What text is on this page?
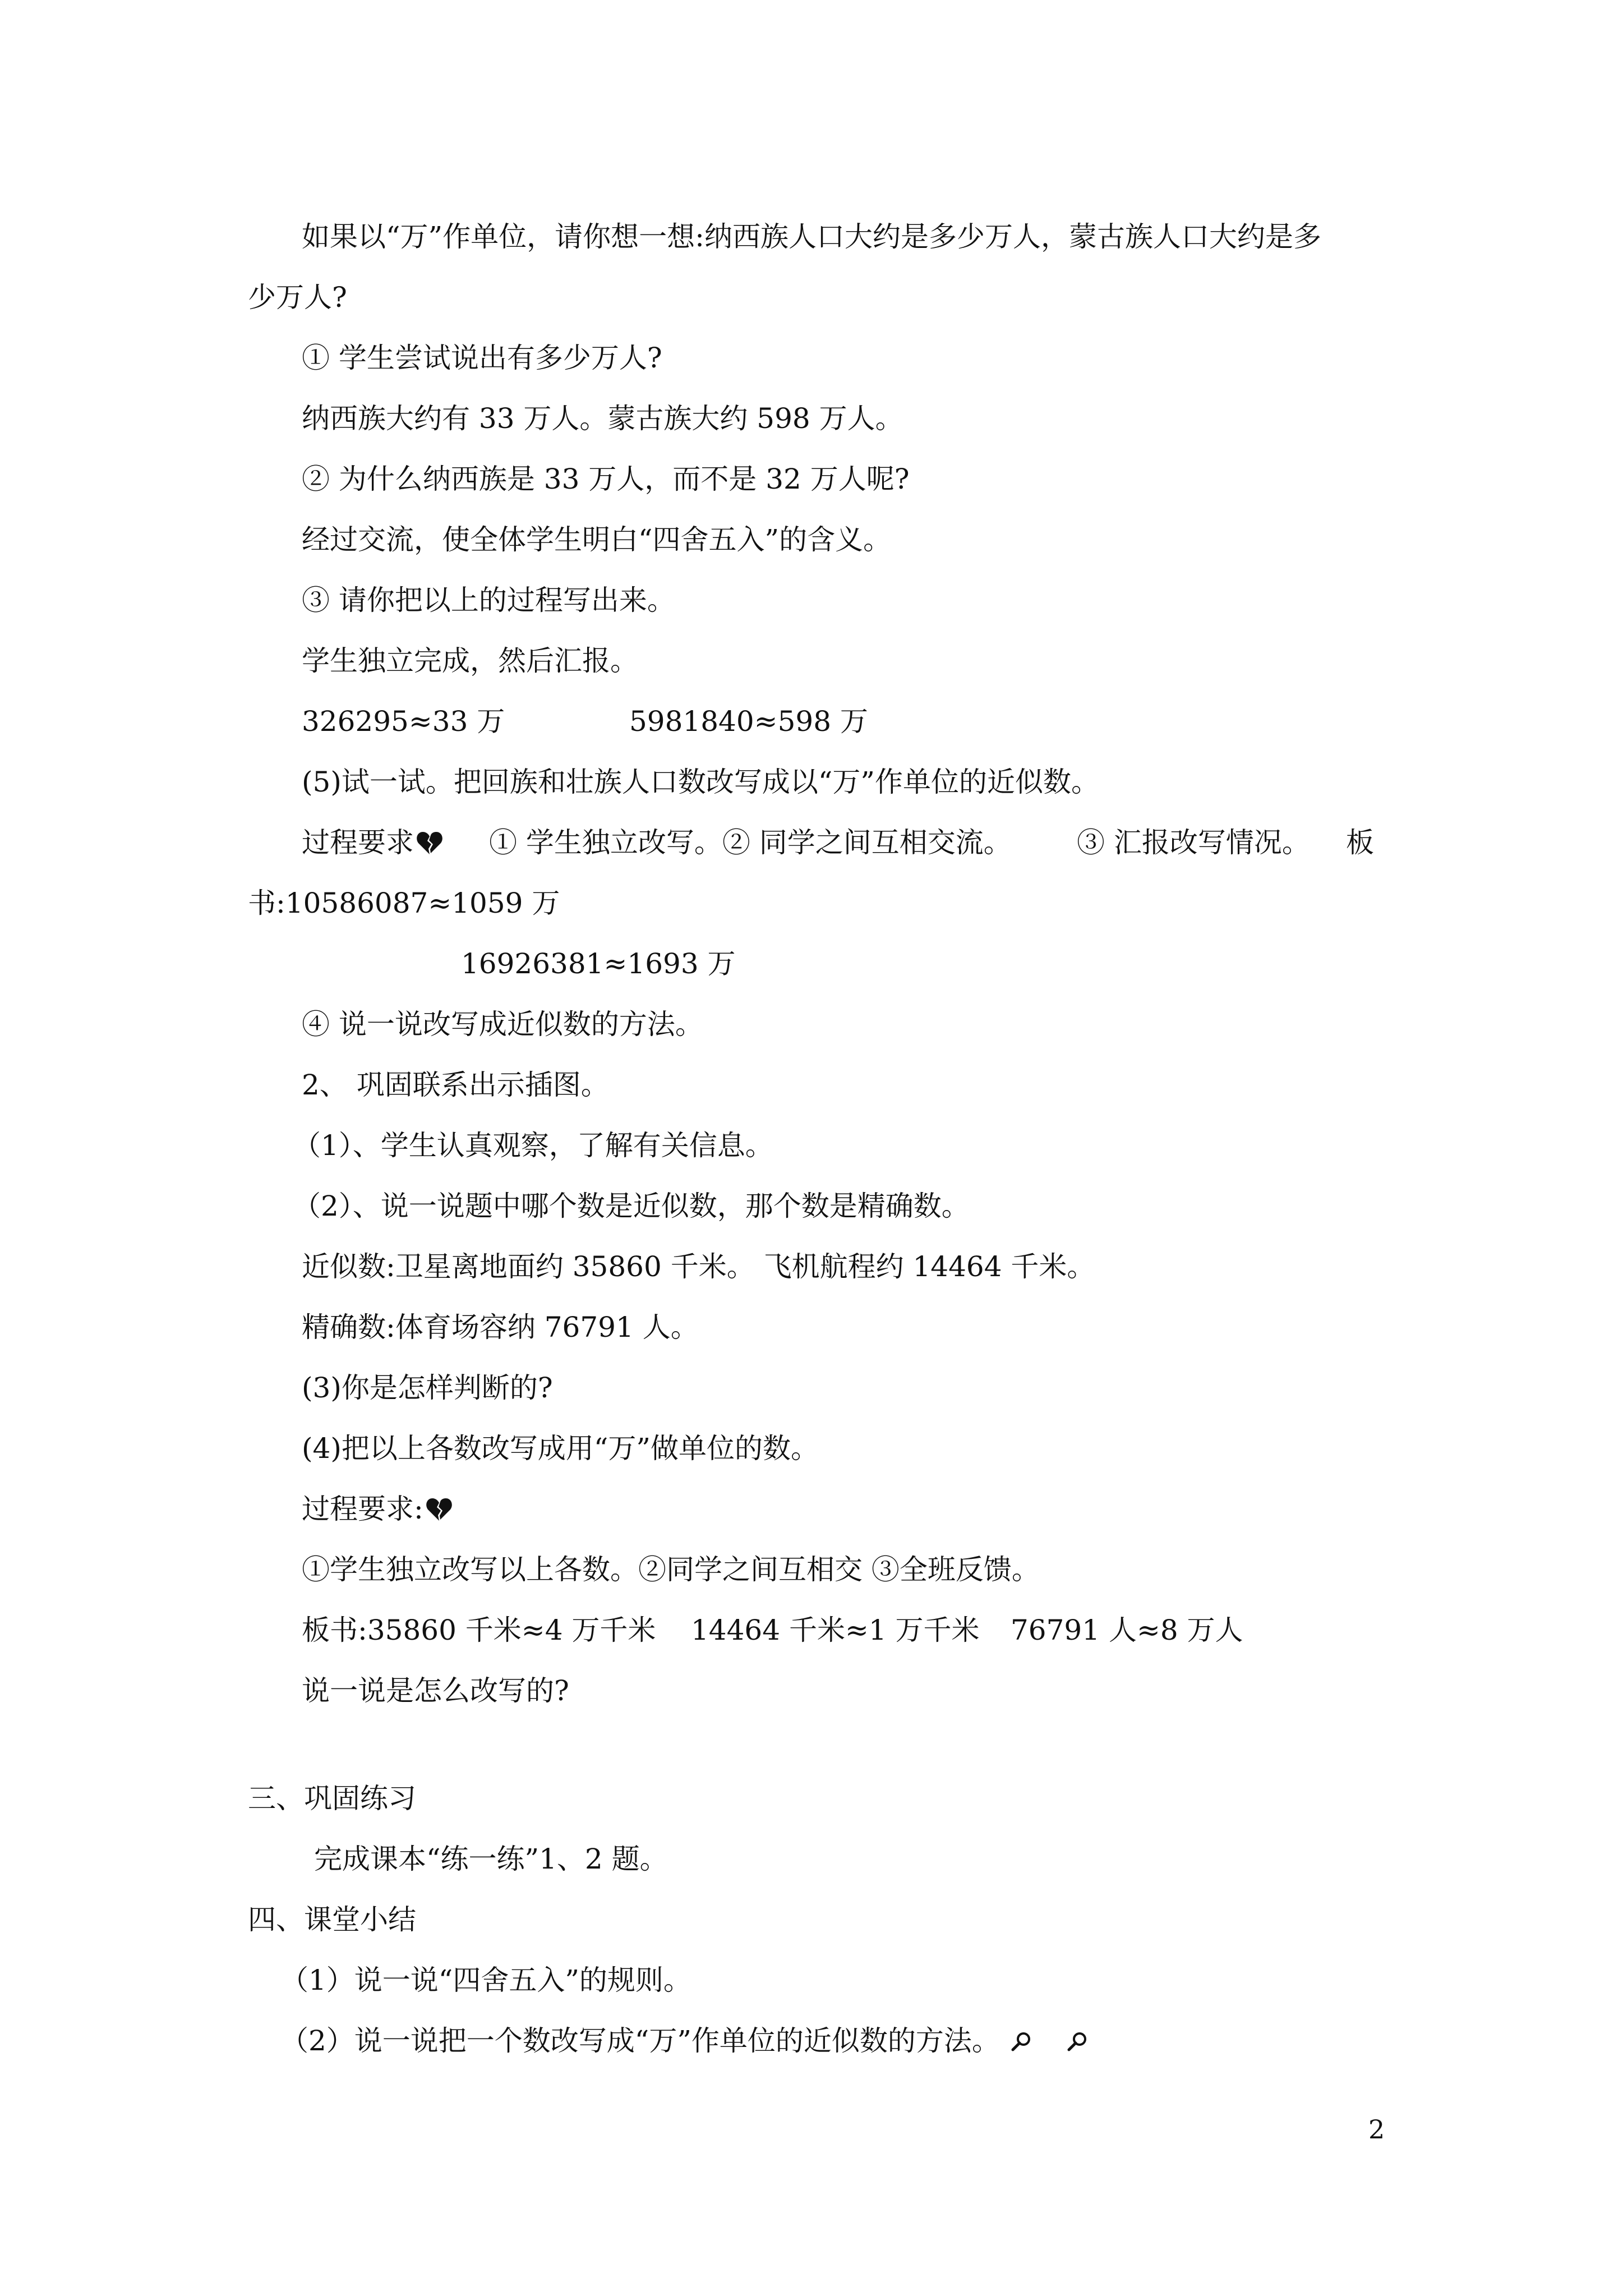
如果以“万”作单位，请你想一想:纳西族人口大约是多少万人，蒙古族人口大约是多
少万人?
① 学生尝试说出有多少万人?
纳西族大约有 33 万人。蒙古族大约 598 万人。
② 为什么纳西族是 33 万人，而不是 32 万人呢?
经过交流，使全体学生明白“四舍五入”的含义。
③ 请你把以上的过程写出来。
学生独立完成，然后汇报。
326295≈33 万	5981840≈598 万
(5)试一试。把回族和壮族人口数改写成以“万”作单位的近似数。
过程要求	① 学生独立改写。② 同学之间互相交流。 ③ 汇报改写情况。 板
书:10586087≈1059 万
16926381≈1693 万
④ 说一说改写成近似数的方法。
2、 巩固联系出示插图。
（1）、学生认真观察，了解有关信息。
（2）、说一说题中哪个数是近似数，那个数是精确数。
近似数:卫星离地面约 35860 千米。 飞机航程约 14464 千米。
精确数:体育场容纳 76791 人。
(3)你是怎样判断的?
(4)把以上各数改写成用“万”做单位的数。
过程要求:
①学生独立改写以上各数。②同学之间互相交 ③全班反馈。
板书:35860 千米≈4 万千米 14464 千米≈1 万千米 76791 人≈8 万人
说一说是怎么改写的?
三、巩固练习
完成课本“练一练”1、2 题。
四、课堂小结
（1）说一说“四舍五入”的规则。
（2）说一说把一个数改写成“万”作单位的近似数的方法。
2
